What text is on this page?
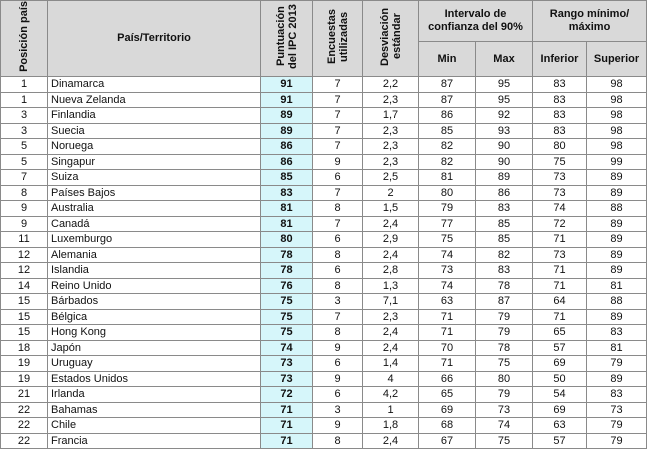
Posición país	País/Territorio	Puntuación del IPC 2013	Encuestas utilizadas	Desviación estándar	Intervalo de confianza del 90%		Rango mínimo/ máximo	
					Min	Max	Inferior	Superior
1	Dinamarca	91	7	2,2	87	95	83	98
1	Nueva Zelanda	91	7	2,3	87	95	83	98
3	Finlandia	89	7	1,7	86	92	83	98
3	Suecia	89	7	2,3	85	93	83	98
5	Noruega	86	7	2,3	82	90	80	98
5	Singapur	86	9	2,3	82	90	75	99
7	Suiza	85	6	2,5	81	89	73	89
8	Países Bajos	83	7	2	80	86	73	89
9	Australia	81	8	1,5	79	83	74	88
9	Canadá	81	7	2,4	77	85	72	89
11	Luxemburgo	80	6	2,9	75	85	71	89
12	Alemania	78	8	2,4	74	82	73	89
12	Islandia	78	6	2,8	73	83	71	89
14	Reino Unido	76	8	1,3	74	78	71	81
15	Bárbados	75	3	7,1	63	87	64	88
15	Bélgica	75	7	2,3	71	79	71	89
15	Hong Kong	75	8	2,4	71	79	65	83
18	Japón	74	9	2,4	70	78	57	81
19	Uruguay	73	6	1,4	71	75	69	79
19	Estados Unidos	73	9	4	66	80	50	89
21	Irlanda	72	6	4,2	65	79	54	83
22	Bahamas	71	3	1	69	73	69	73
22	Chile	71	9	1,8	68	74	63	79
22	Francia	71	8	2,4	67	75	57	79
